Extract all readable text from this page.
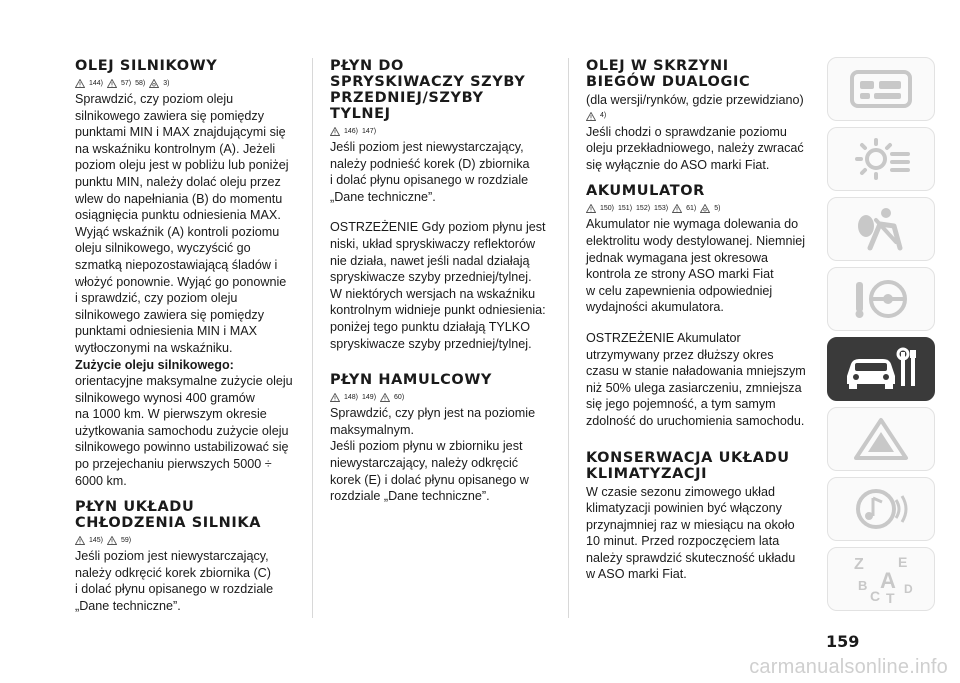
OLEJ SILNIKOWY
144)	57) 58)	3)

Sprawdzić, czy poziom oleju

silnikowego zawiera się pomiędzy

punktami MIN i MAX znajdującymi się

na wskaźniku kontrolnym (A). Jeżeli

poziom oleju jest w pobliżu lub poniżej

punktu MIN, należy dolać oleju przez

wlew do napełniania (B) do momentu

osiągnięcia punktu odniesienia MAX.

Wyjąć wskaźnik (A) kontroli poziomu

oleju silnikowego, wyczyścić go

szmatką niepozostawiającą śladów i

włożyć ponownie. Wyjąć go ponownie

i sprawdzić, czy poziom oleju

silnikowego zawiera się pomiędzy

punktami odniesienia MIN i MAX

wytłoczonymi na wskaźniku.

Zużycie oleju silnikowego:

orientacyjne maksymalne zużycie oleju

silnikowego wynosi 400 gramów

na 1000 km. W pierwszym okresie

użytkowania samochodu zużycie oleju

silnikowego powinno ustabilizować się

po przejechaniu pierwszych 5000 ÷

6000 km.

PŁYN UKŁADU
CHŁODZENIA SILNIKA
145)	59)

Jeśli poziom jest niewystarczający,

należy odkręcić korek zbiornika (C)

i dolać płynu opisanego w rozdziale

„Dane techniczne”.

PŁYN DO
SPRYSKIWACZY SZYBY
PRZEDNIEJ/SZYBY
TYLNEJ
146) 147)

Jeśli poziom jest niewystarczający,

należy podnieść korek (D) zbiornika

i dolać płynu opisanego w rozdziale

„Dane techniczne”.

OSTRZEŻENIE Gdy poziom płynu jest

niski, układ spryskiwaczy reflektorów

nie działa, nawet jeśli nadal działają

spryskiwacze szyby przedniej/tylnej.

W niektórych wersjach na wskaźniku

kontrolnym widnieje punkt odniesienia:

poniżej tego punktu działają TYLKO

spryskiwacze szyby przedniej/tylnej.

PŁYN HAMULCOWY
148) 149)	60)

Sprawdzić, czy płyn jest na poziomie

maksymalnym.

Jeśli poziom płynu w zbiorniku jest

niewystarczający, należy odkręcić

korek (E) i dolać płynu opisanego w

rozdziale „Dane techniczne”.

OLEJ W SKRZYNI
BIEGÓW DUALOGIC

(dla wersji/rynków, gdzie przewidziano)

4)

Jeśli chodzi o sprawdzanie poziomu

oleju przekładniowego, należy zwracać

się wyłącznie do ASO marki Fiat.

AKUMULATOR
150) 151) 152) 153)	61)	5)

Akumulator nie wymaga dolewania do

elektrolitu wody destylowanej. Niemniej

jednak wymagana jest okresowa

kontrola ze strony ASO marki Fiat

w celu zapewnienia odpowiedniej

wydajności akumulatora.

OSTRZEŻENIE Akumulator

utrzymywany przez dłuższy okres

czasu w stanie naładowania mniejszym

niż 50% ulega zasiarczeniu, zmniejsza

się jego pojemność, a tym samym

zdolność do uruchomienia samochodu.

KONSERWACJA UKŁADU
KLIMATYZACJI

W czasie sezonu zimowego układ

klimatyzacji powinien być włączony

przynajmniej raz w miesiącu na około

10 minut. Przed rozpoczęciem lata

należy sprawdzić skuteczność układu

w ASO marki Fiat.

Z E
B A
C T
D
159
carmanualsonline.info
